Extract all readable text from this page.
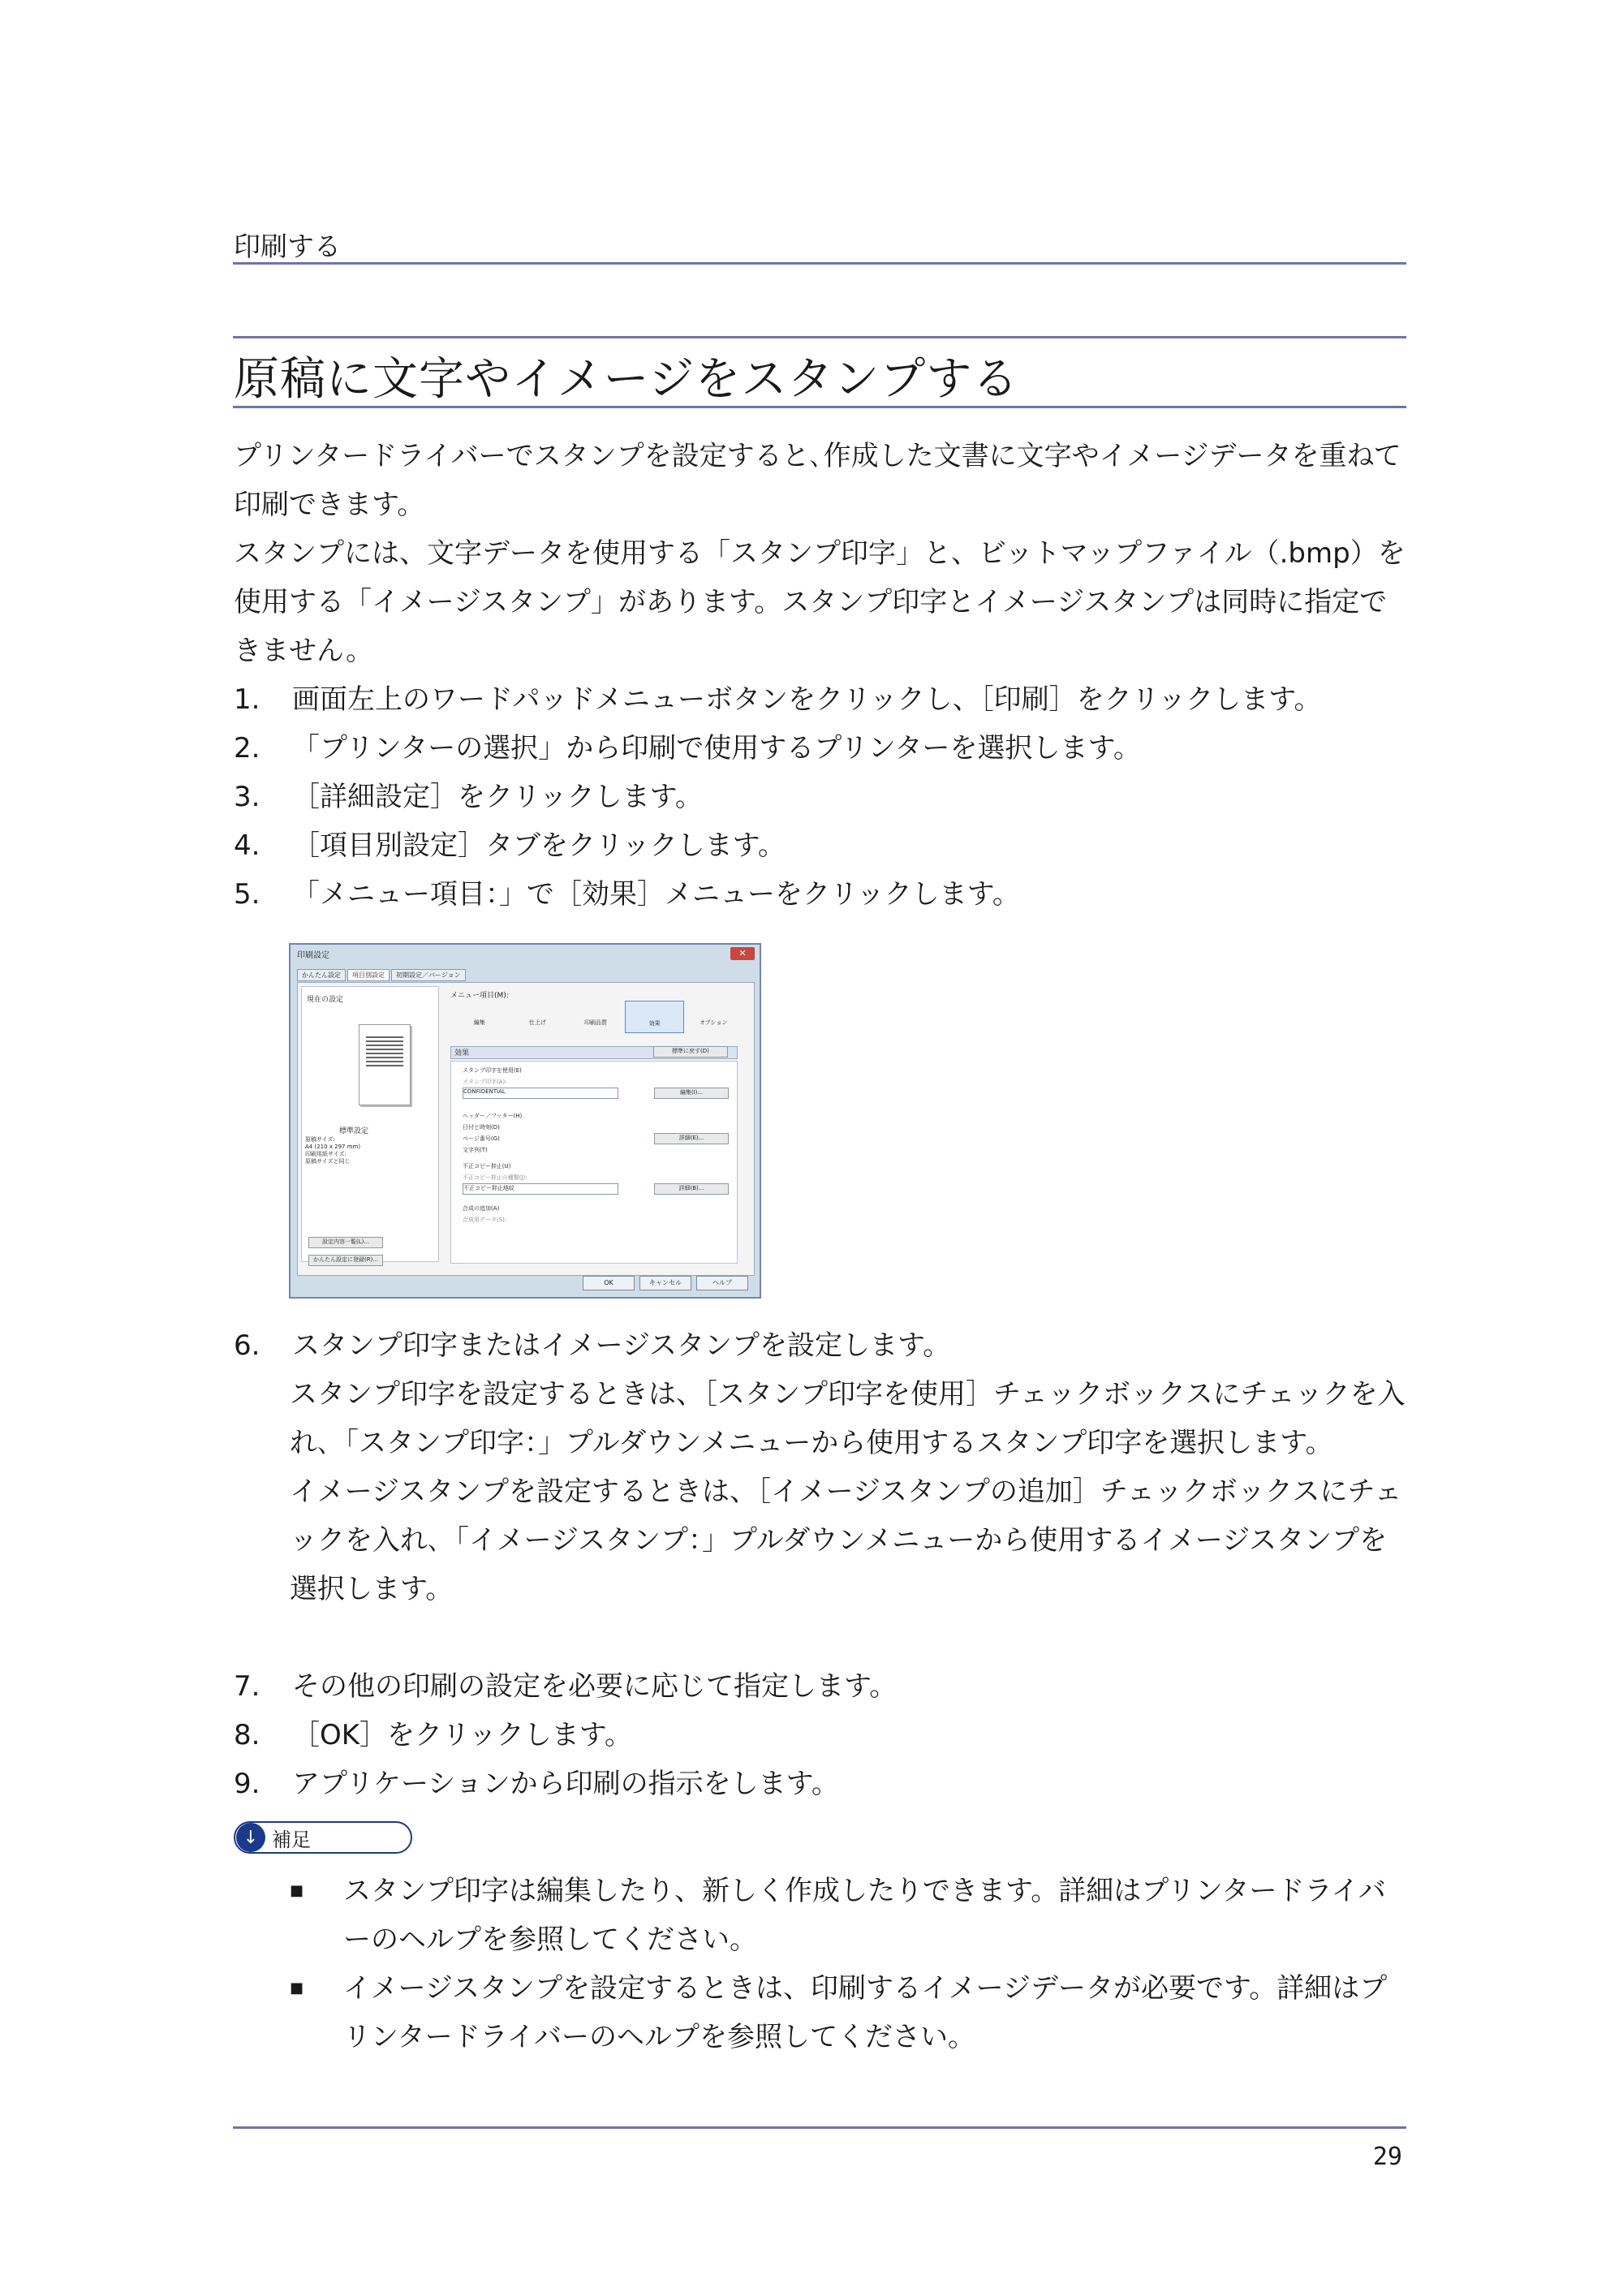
印刷する
原稿に文字やイメージをスタンプする

プリンタードライバーでスタンプを設定すると､作成した文書に文字やイメージデータを重ねて印刷できます。

スタンプには、文字データを使用する「スタンプ印字」と、ビットマップファイル（.bmp）を使用する「イメージスタンプ」があります。スタンプ印字とイメージスタンプは同時に指定できません。

1.	画面左上のワードパッドメニューボタンをクリックし、［印刷］をクリックします。
2.	「プリンターの選択」から印刷で使用するプリンターを選択します。
3.	［詳細設定］をクリックします。
4.	［項目別設定］タブをクリックします。
5.	「メニュー項目：」で［効果］メニューをクリックします。
印刷設定	✕
かんたん設定	項目別設定	初期設定／バージョン
現在の設定
標準設定
原稿サイズ:
A4 (210 x 297 mm)
印刷用紙サイズ:
原稿サイズと同じ
設定内容一覧(L)...
かんたん設定に登録(R)...
メニュー項目(M):
編集	仕上げ	印刷品質	効果	オプション
効果	標準に戻す(D)
スタンプ印字を使用(E)
スタンプ印字(A):
CONFIDENTIAL	編集(I)...
ヘッダー／フッター(H)
日付と時刻(D)
ページ番号(G)	詳細(E)...
文字列(T)
不正コピー抑止(U)
不正コピー抑止の種類(J):
不正コピー抑止地紋	詳細(B)...
合成の追加(A)
合成用データ(S):
OK	キャンセル	ヘルプ
6.	スタンプ印字またはイメージスタンプを設定します。

スタンプ印字を設定するときは、［スタンプ印字を使用］チェックボックスにチェックを入れ､「スタンプ印字：」プルダウンメニューから使用するスタンプ印字を選択します。

イメージスタンプを設定するときは、［イメージスタンプの追加］チェックボックスにチェックを入れ､「イメージスタンプ：」プルダウンメニューから使用するイメージスタンプを選択します。

7.	その他の印刷の設定を必要に応じて指定します。
8.	［OK］をクリックします。
9.	アプリケーションから印刷の指示をします。
↓ 補足
■	スタンプ印字は編集したり、新しく作成したりできます。詳細はプリンタードライバーのヘルプを参照してください。
■	イメージスタンプを設定するときは、印刷するイメージデータが必要です。詳細はプリンタードライバーのヘルプを参照してください。
29
